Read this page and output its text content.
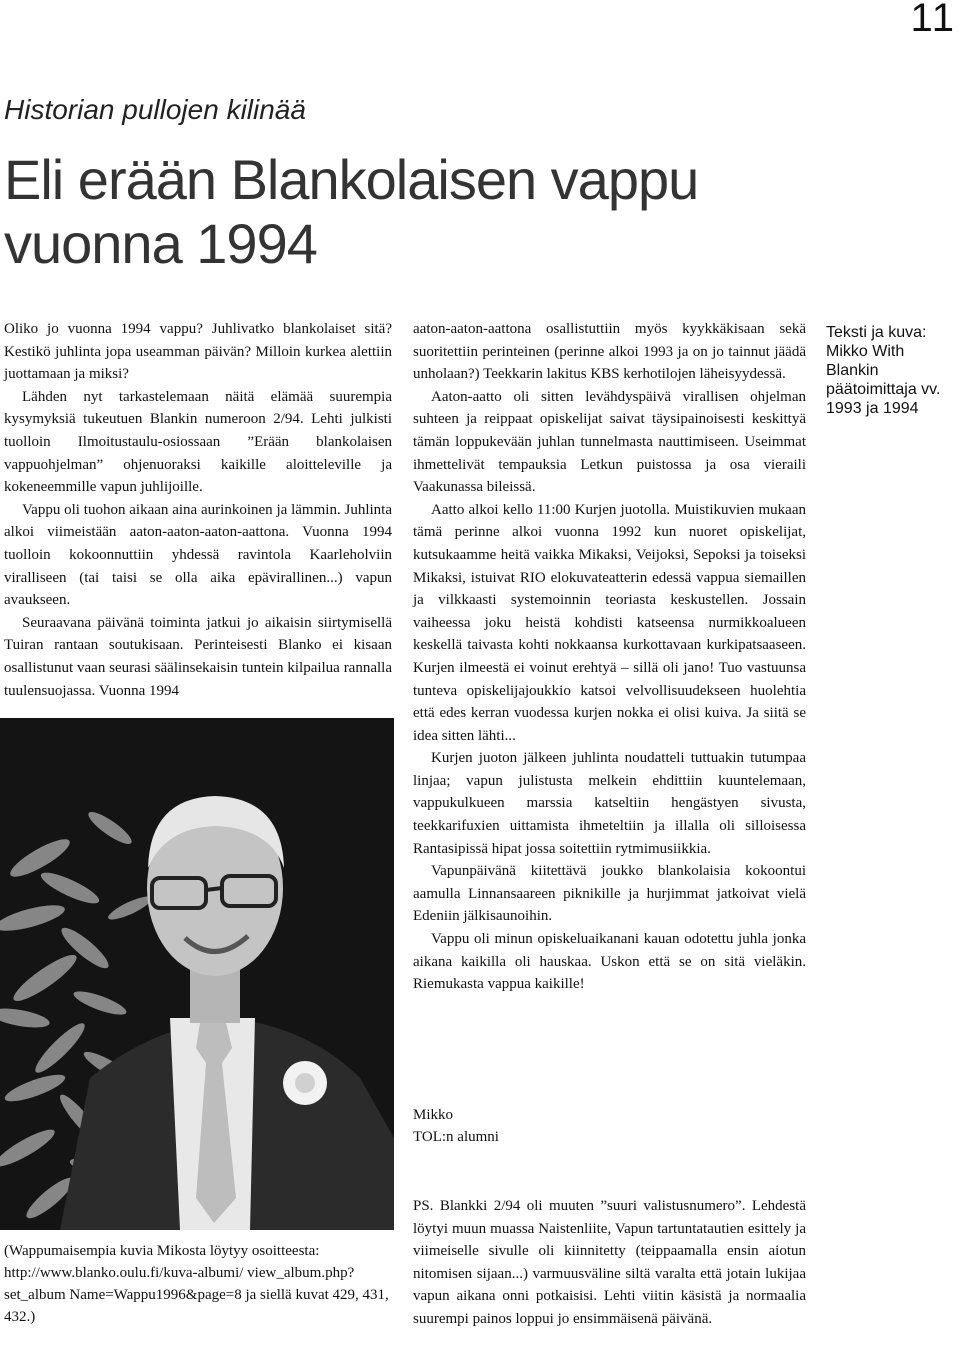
11
Historian pullojen kilinää
Eli erään Blankolaisen vappu vuonna 1994

Oliko jo vuonna 1994 vappu? Juhlivatko blankolaiset sitä? Kestikö juhlinta jopa useamman päivän? Milloin kurkea alettiin juottamaan ja miksi?

Lähden nyt tarkastelemaan näitä elämää suurempia kysymyksiä tukeutuen Blankin numeroon 2/94. Lehti julkisti tuolloin Ilmoitustaulu-osiossaan ”Erään blankolaisen vappuohjelman” ohjenuoraksi kaikille aloitteleville ja kokeneemmille vapun juhlijoille.

Vappu oli tuohon aikaan aina aurinkoinen ja lämmin. Juhlinta alkoi viimeistään aaton-aaton-aaton-aattona. Vuonna 1994 tuolloin kokoonnuttiin yhdessä ravintola Kaarleholviin viralliseen (tai taisi se olla aika epävirallinen...) vapun avaukseen.

Seuraavana päivänä toiminta jatkui jo aikaisin siirtymisellä Tuiran rantaan soutukisaan. Perinteisesti Blanko ei kisaan osallistunut vaan seurasi säälinsekaisin tuntein kilpailua rannalla tuulensuojassa. Vuonna 1994

aaton-aaton-aattona osallistuttiin myös kyykkäkisaan sekä suoritettiin perinteinen (perinne alkoi 1993 ja on jo tainnut jäädä unholaan?) Teekkarin lakitus KBS kerhotilojen läheisyydessä.

Aaton-aatto oli sitten levähdyspäivä virallisen ohjelman suhteen ja reippaat opiskelijat saivat täysipainoisesti keskittyä tämän loppukevään juhlan tunnelmasta nauttimiseen. Useimmat ihmettelivät tempauksia Letkun puistossa ja osa vieraili Vaakunassa bileissä.

Aatto alkoi kello 11:00 Kurjen juotolla. Muistikuvien mukaan tämä perinne alkoi vuonna 1992 kun nuoret opiskelijat, kutsukaamme heitä vaikka Mikaksi, Veijoksi, Sepoksi ja toiseksi Mikaksi, istuivat RIO elokuvateatterin edessä vappua siemaillen ja vilkkaasti systemoinnin teoriasta keskustellen. Jossain vaiheessa joku heistä kohdisti katseensa nurmikkoalueen keskellä taivasta kohti nokkaansa kurkottavaan kurkipatsaaseen. Kurjen ilmeestä ei voinut erehtyä – sillä oli jano! Tuo vastuunsa tunteva opiskelijajoukkio katsoi velvollisuudekseen huolehtia että edes kerran vuodessa kurjen nokka ei olisi kuiva. Ja siitä se idea sitten lähti...

Kurjen juoton jälkeen juhlinta noudatteli tuttuakin tutumpaa linjaa; vapun julistusta melkein ehdittiin kuuntelemaan, vappukulkueen marssia katseltiin hengästyen sivusta, teekkarifuxien uittamista ihmeteltiin ja illalla oli silloisessa Rantasipissä hipat jossa soitettiin rytmimusiikkia.

Vapunpäivänä kiitettävä joukko blankolaisia kokoontui aamulla Linnansaareen piknikille ja hurjimmat jatkoivat vielä Edeniin jälkisaunoihin.

Vappu oli minun opiskeluaikanani kauan odotettu juhla jonka aikana kaikilla oli hauskaa. Uskon että se on sitä vieläkin. Riemukasta vappua kaikille!

Teksti ja kuva:
Mikko With
Blankin
päätoimittaja vv.
1993 ja 1994
Mikko
TOL:n alumni
(Wappumaisempia kuvia Mikosta löytyy osoitteesta: http://www.blanko.oulu.fi/kuva-albumi/ view_album.php?set_album Name=Wappu1996&page=8 ja siellä kuvat 429, 431, 432.)
PS. Blankki 2/94 oli muuten ”suuri valistusnumero”. Lehdestä löytyi muun muassa Naistenliite, Vapun tartuntatautien esittely ja viimeiselle sivulle oli kiinnitetty (teippaamalla ensin aiotun nitomisen sijaan...) varmuusväline siltä varalta että jotain lukijaa vapun aikana onni potkaisisi. Lehti viitin käsistä ja normaalia suurempi painos loppui jo ensimmäisenä päivänä.
